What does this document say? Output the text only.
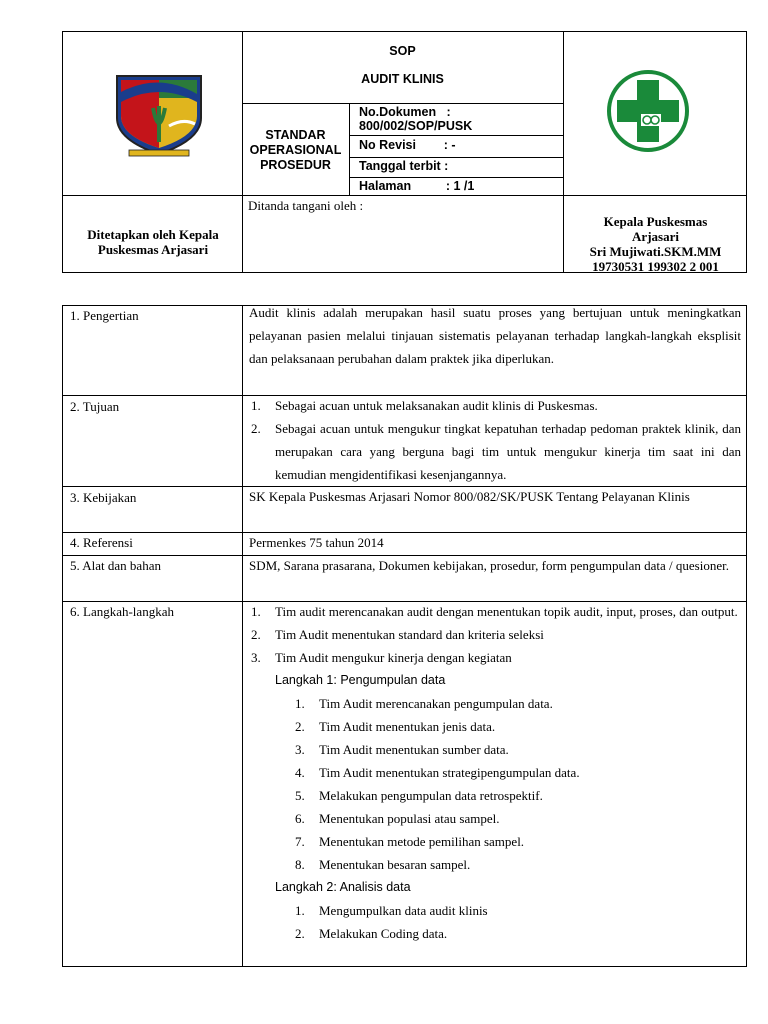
SOP
AUDIT KLINIS
STANDAR
OPERASIONAL
PROSEDUR
No.Dokumen   :
800/002/SOP/PUSK
No Revisi        : -
Tanggal terbit :
Halaman          : 1 /1
Ditetapkan oleh Kepala Puskesmas Arjasari
Ditanda tangani oleh :
Kepala Puskesmas Arjasari
Sri Mujiwati.SKM.MM
19730531 199302 2 001
1. Pengertian	Audit klinis adalah merupakan hasil suatu proses yang bertujuan untuk meningkatkan pelayanan pasien melalui tinjauan sistematis pelayanan terhadap langkah-langkah eksplisit dan pelaksanaan perubahan dalam praktek jika diperlukan.
2. Tujuan	1. Sebagai acuan untuk melaksanakan audit klinis di Puskesmas.
2. Sebagai acuan untuk mengukur tingkat kepatuhan terhadap pedoman praktek klinik, dan merupakan cara yang berguna bagi tim untuk mengukur kinerja tim saat ini dan kemudian mengidentifikasi kesenjangannya.
3. Kebijakan	SK Kepala Puskesmas Arjasari Nomor 800/082/SK/PUSK Tentang Pelayanan Klinis
4. Referensi	Permenkes 75 tahun 2014
5. Alat dan bahan	SDM, Sarana prasarana, Dokumen kebijakan, prosedur, form pengumpulan data / quesioner.
6. Langkah-langkah	1. Tim audit merencanakan audit dengan menentukan topik audit, input, proses, dan output.
2. Tim Audit menentukan standard dan kriteria seleksi
3. Tim Audit mengukur kinerja dengan kegiatan
Langkah 1: Pengumpulan data
1. Tim Audit merencanakan pengumpulan data.
2. Tim Audit menentukan jenis data.
3. Tim Audit menentukan sumber data.
4. Tim Audit menentukan strategipengumpulan data.
5. Melakukan pengumpulan data retrospektif.
6. Menentukan populasi atau sampel.
7. Menentukan metode pemilihan sampel.
8. Menentukan besaran sampel.
Langkah 2: Analisis data
1. Mengumpulkan data audit klinis
2. Melakukan Coding data.
